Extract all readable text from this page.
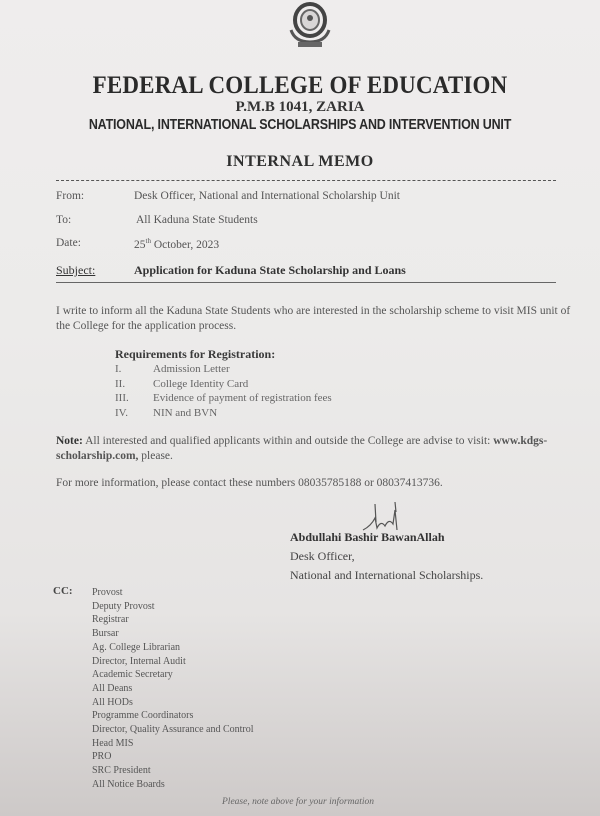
FEDERAL COLLEGE OF EDUCATION
P.M.B 1041, ZARIA
NATIONAL, INTERNATIONAL SCHOLARSHIPS AND INTERVENTION UNIT
INTERNAL MEMO
From:	Desk Officer, National and International Scholarship Unit
To:	All Kaduna State Students
Date:	25th October, 2023
Subject:	Application for Kaduna State Scholarship and Loans
I write to inform all the Kaduna State Students who are interested in the scholarship scheme to visit MIS unit of the College for the application process.
Requirements for Registration:
I.	Admission Letter
II.	College Identity Card
III.	Evidence of payment of registration fees
IV.	NIN and BVN
Note: All interested and qualified applicants within and outside the College are advise to visit: www.kdgs-scholarship.com, please.
For more information, please contact these numbers 08035785188 or 08037413736.
Abdullahi Bashir BawanAllah
Desk Officer,
National and International Scholarships.
CC: Provost
Deputy Provost
Registrar
Bursar
Ag. College Librarian
Director, Internal Audit
Academic Secretary
All Deans
All HODs
Programme Coordinators
Director, Quality Assurance and Control
Head MIS
PRO
SRC President
All Notice Boards
Please, note above for your information
